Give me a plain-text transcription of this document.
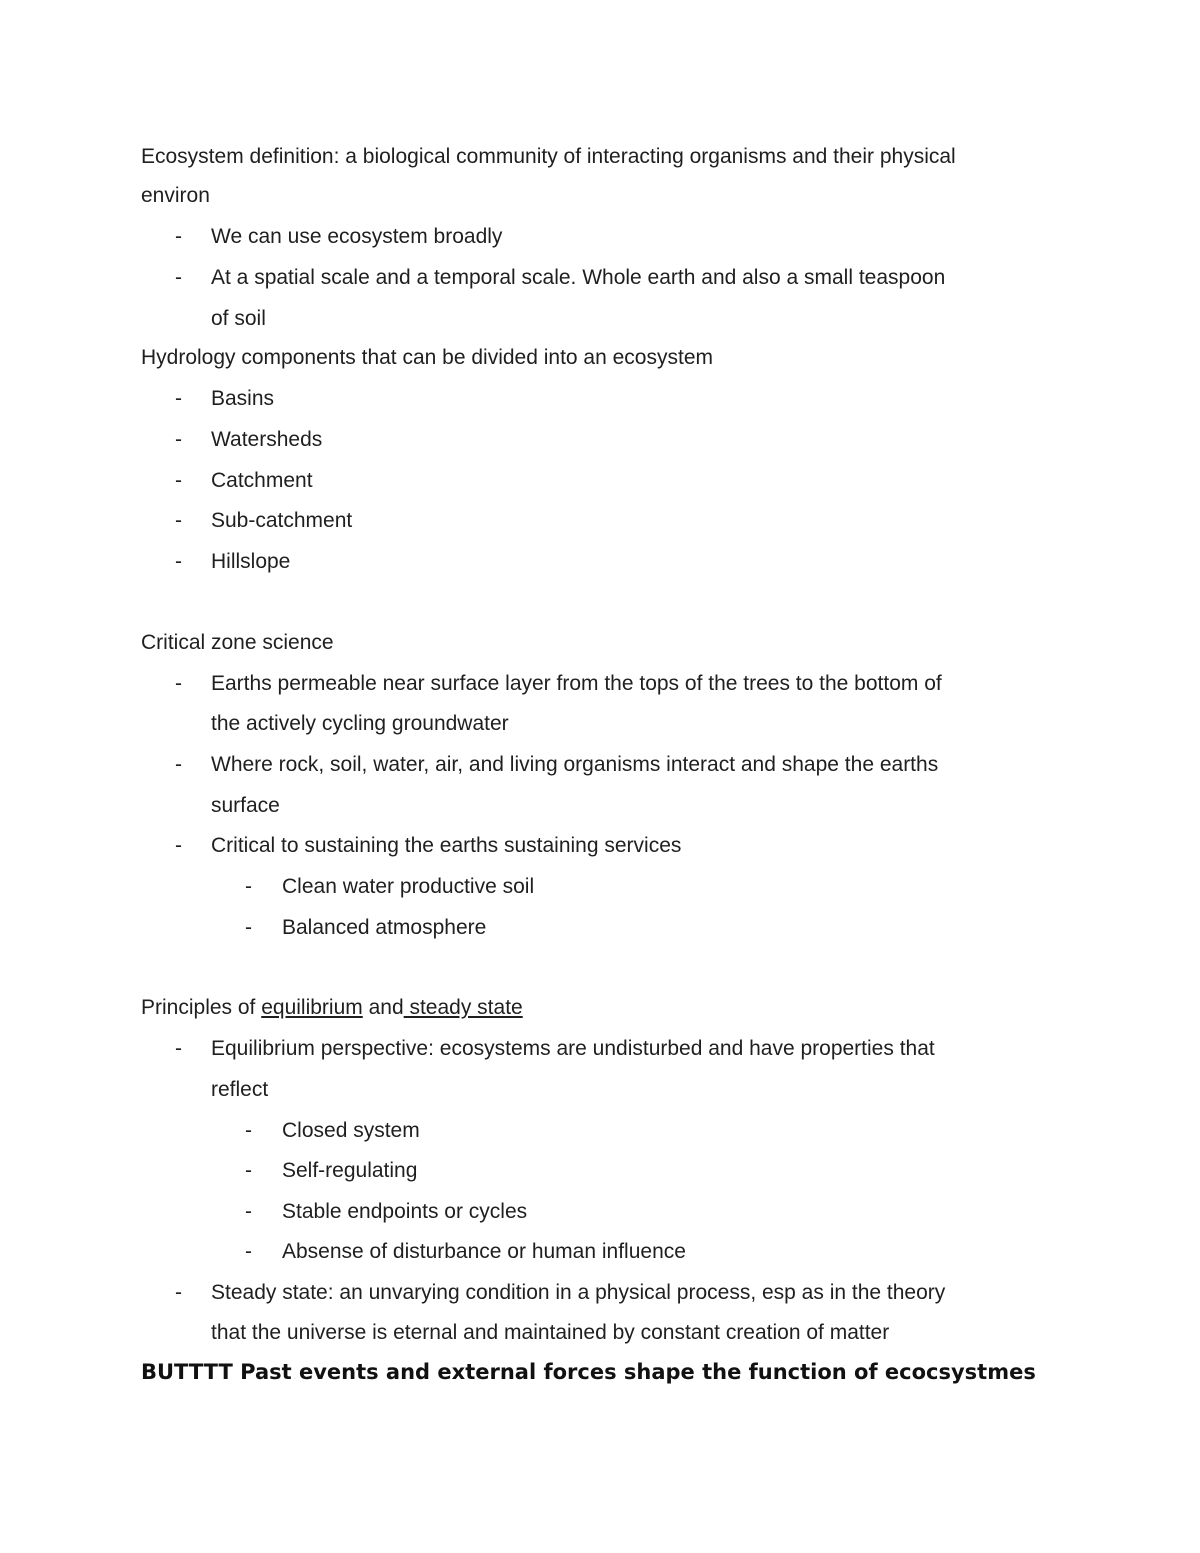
Ecosystem definition: a biological community of interacting organisms and their physical
environ
- We can use ecosystem broadly
- At a spatial scale and a temporal scale. Whole earth and also a small teaspoon
of soil
Hydrology components that can be divided into an ecosystem
- Basins
- Watersheds
- Catchment
- Sub-catchment
- Hillslope
Critical zone science
- Earths permeable near surface layer from the tops of the trees to the bottom of
the actively cycling groundwater
- Where rock, soil, water, air, and living organisms interact and shape the earths
surface
- Critical to sustaining the earths sustaining services
- Clean water productive soil
- Balanced atmosphere
Principles of equilibrium and steady state
- Equilibrium perspective: ecosystems are undisturbed and have properties that
reflect
- Closed system
- Self-regulating
- Stable endpoints or cycles
- Absense of disturbance or human influence
- Steady state: an unvarying condition in a physical process, esp as in the theory
that the universe is eternal and maintained by constant creation of matter
BUTTTT Past events and external forces shape the function of ecocsystmes
